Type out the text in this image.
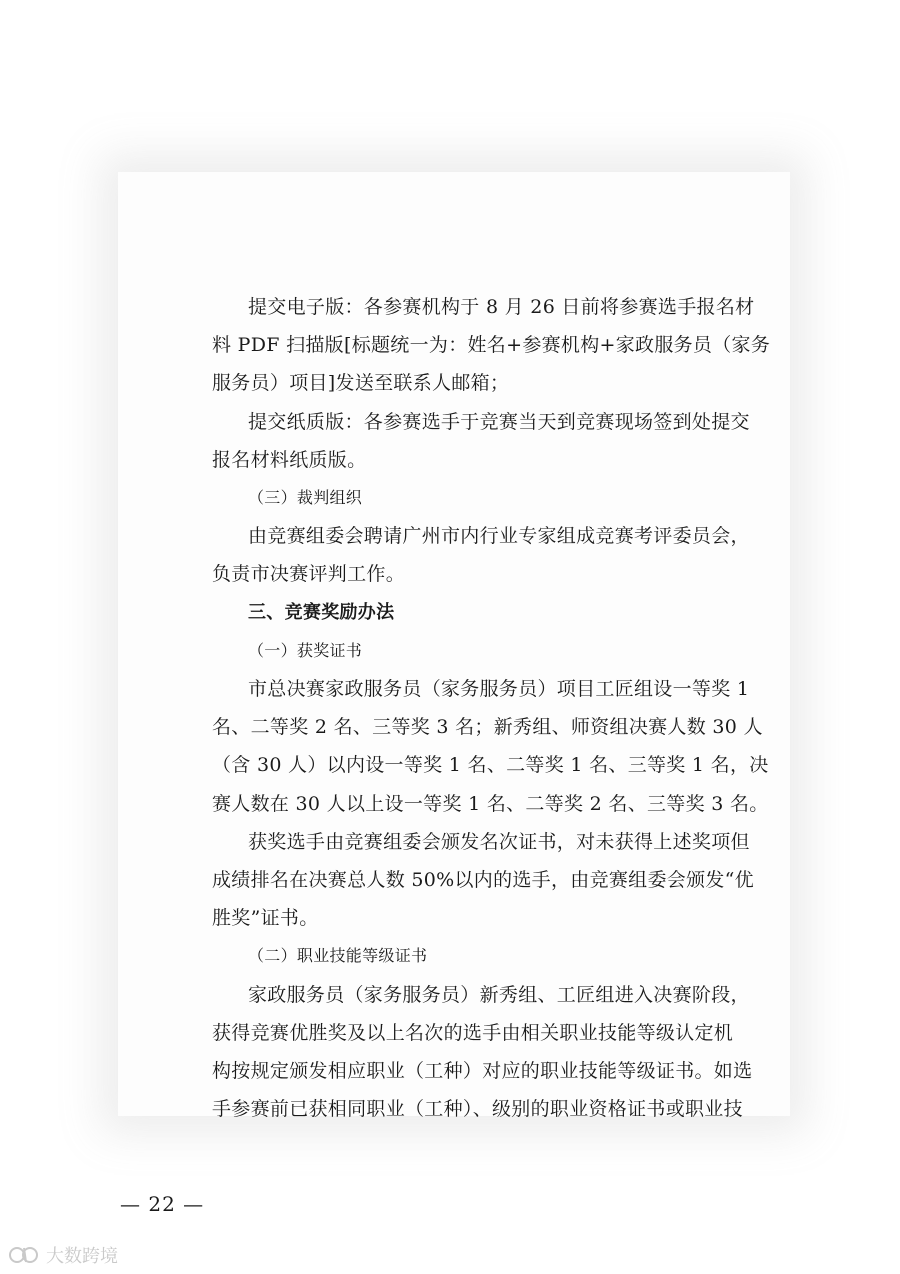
提交电子版：各参赛机构于 8 月 26 日前将参赛选手报名材
料 PDF 扫描版[标题统一为：姓名+参赛机构+家政服务员（家务
服务员）项目]发送至联系人邮箱；
提交纸质版：各参赛选手于竞赛当天到竞赛现场签到处提交
报名材料纸质版。
（三）裁判组织
由竞赛组委会聘请广州市内行业专家组成竞赛考评委员会，
负责市决赛评判工作。
三、竞赛奖励办法
（一）获奖证书
市总决赛家政服务员（家务服务员）项目工匠组设一等奖 1
名、二等奖 2 名、三等奖 3 名；新秀组、师资组决赛人数 30 人
（含 30 人）以内设一等奖 1 名、二等奖 1 名、三等奖 1 名，决
赛人数在 30 人以上设一等奖 1 名、二等奖 2 名、三等奖 3 名。
获奖选手由竞赛组委会颁发名次证书，对未获得上述奖项但
成绩排名在决赛总人数 50%以内的选手，由竞赛组委会颁发“优
胜奖”证书。
（二）职业技能等级证书
家政服务员（家务服务员）新秀组、工匠组进入决赛阶段，
获得竞赛优胜奖及以上名次的选手由相关职业技能等级认定机
构按规定颁发相应职业（工种）对应的职业技能等级证书。如选
手参赛前已获相同职业（工种）、级别的职业资格证书或职业技
— 22 —
大数跨境
